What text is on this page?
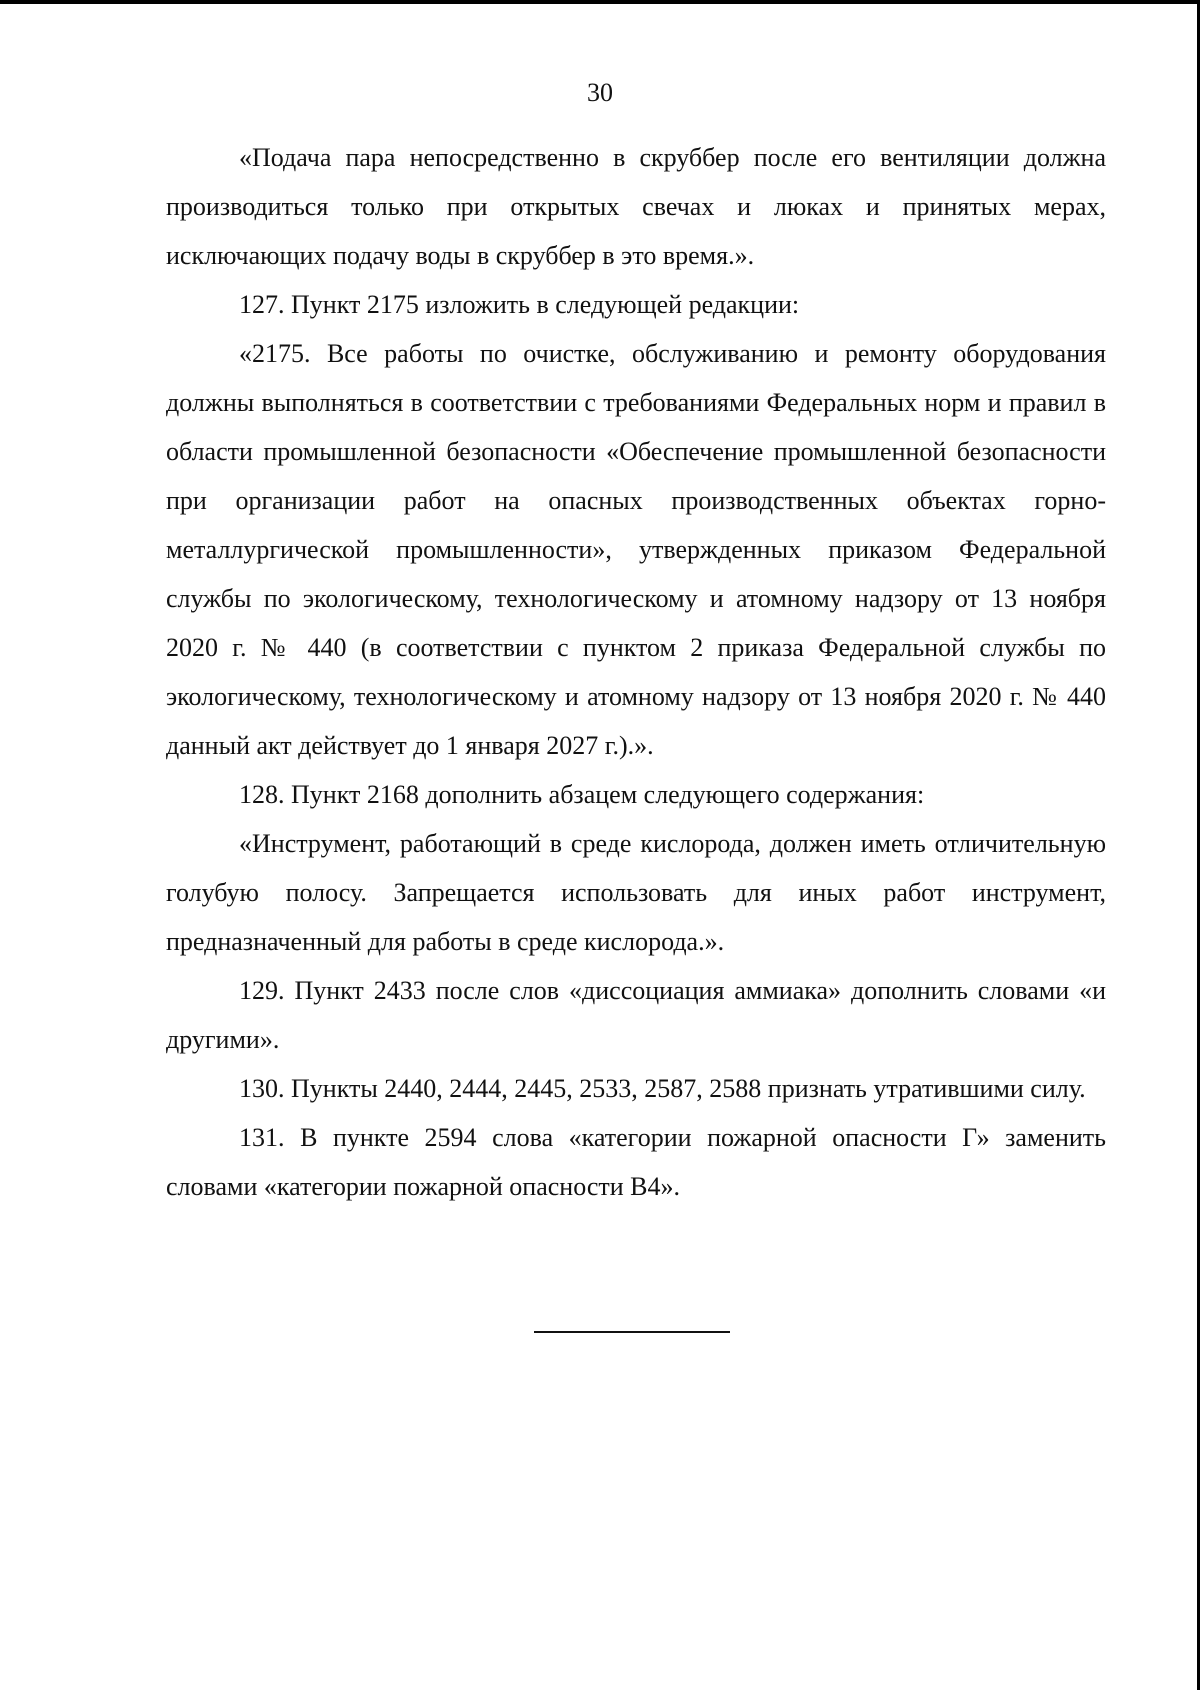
30

«Подача пара непосредственно в скруббер после его вентиляции должна производиться только при открытых свечах и люках и принятых мерах, исключающих подачу воды в скруббер в это время.».

127. Пункт 2175 изложить в следующей редакции:

«2175. Все работы по очистке, обслуживанию и ремонту оборудования должны выполняться в соответствии с требованиями Федеральных норм и правил в области промышленной безопасности «Обеспечение промышленной безопасности при организации работ на опасных производственных объектах горно-металлургической промышленности», утвержденных приказом Федеральной службы по экологическому, технологическому и атомному надзору от 13 ноября 2020 г. № 440 (в соответствии с пунктом 2 приказа Федеральной службы по экологическому, технологическому и атомному надзору от 13 ноября 2020 г. № 440 данный акт действует до 1 января 2027 г.).».

128. Пункт 2168 дополнить абзацем следующего содержания:

«Инструмент, работающий в среде кислорода, должен иметь отличительную голубую полосу. Запрещается использовать для иных работ инструмент, предназначенный для работы в среде кислорода.».

129. Пункт 2433 после слов «диссоциация аммиака» дополнить словами «и другими».

130. Пункты 2440, 2444, 2445, 2533, 2587, 2588 признать утратившими силу.

131. В пункте 2594 слова «категории пожарной опасности Г» заменить словами «категории пожарной опасности В4».
